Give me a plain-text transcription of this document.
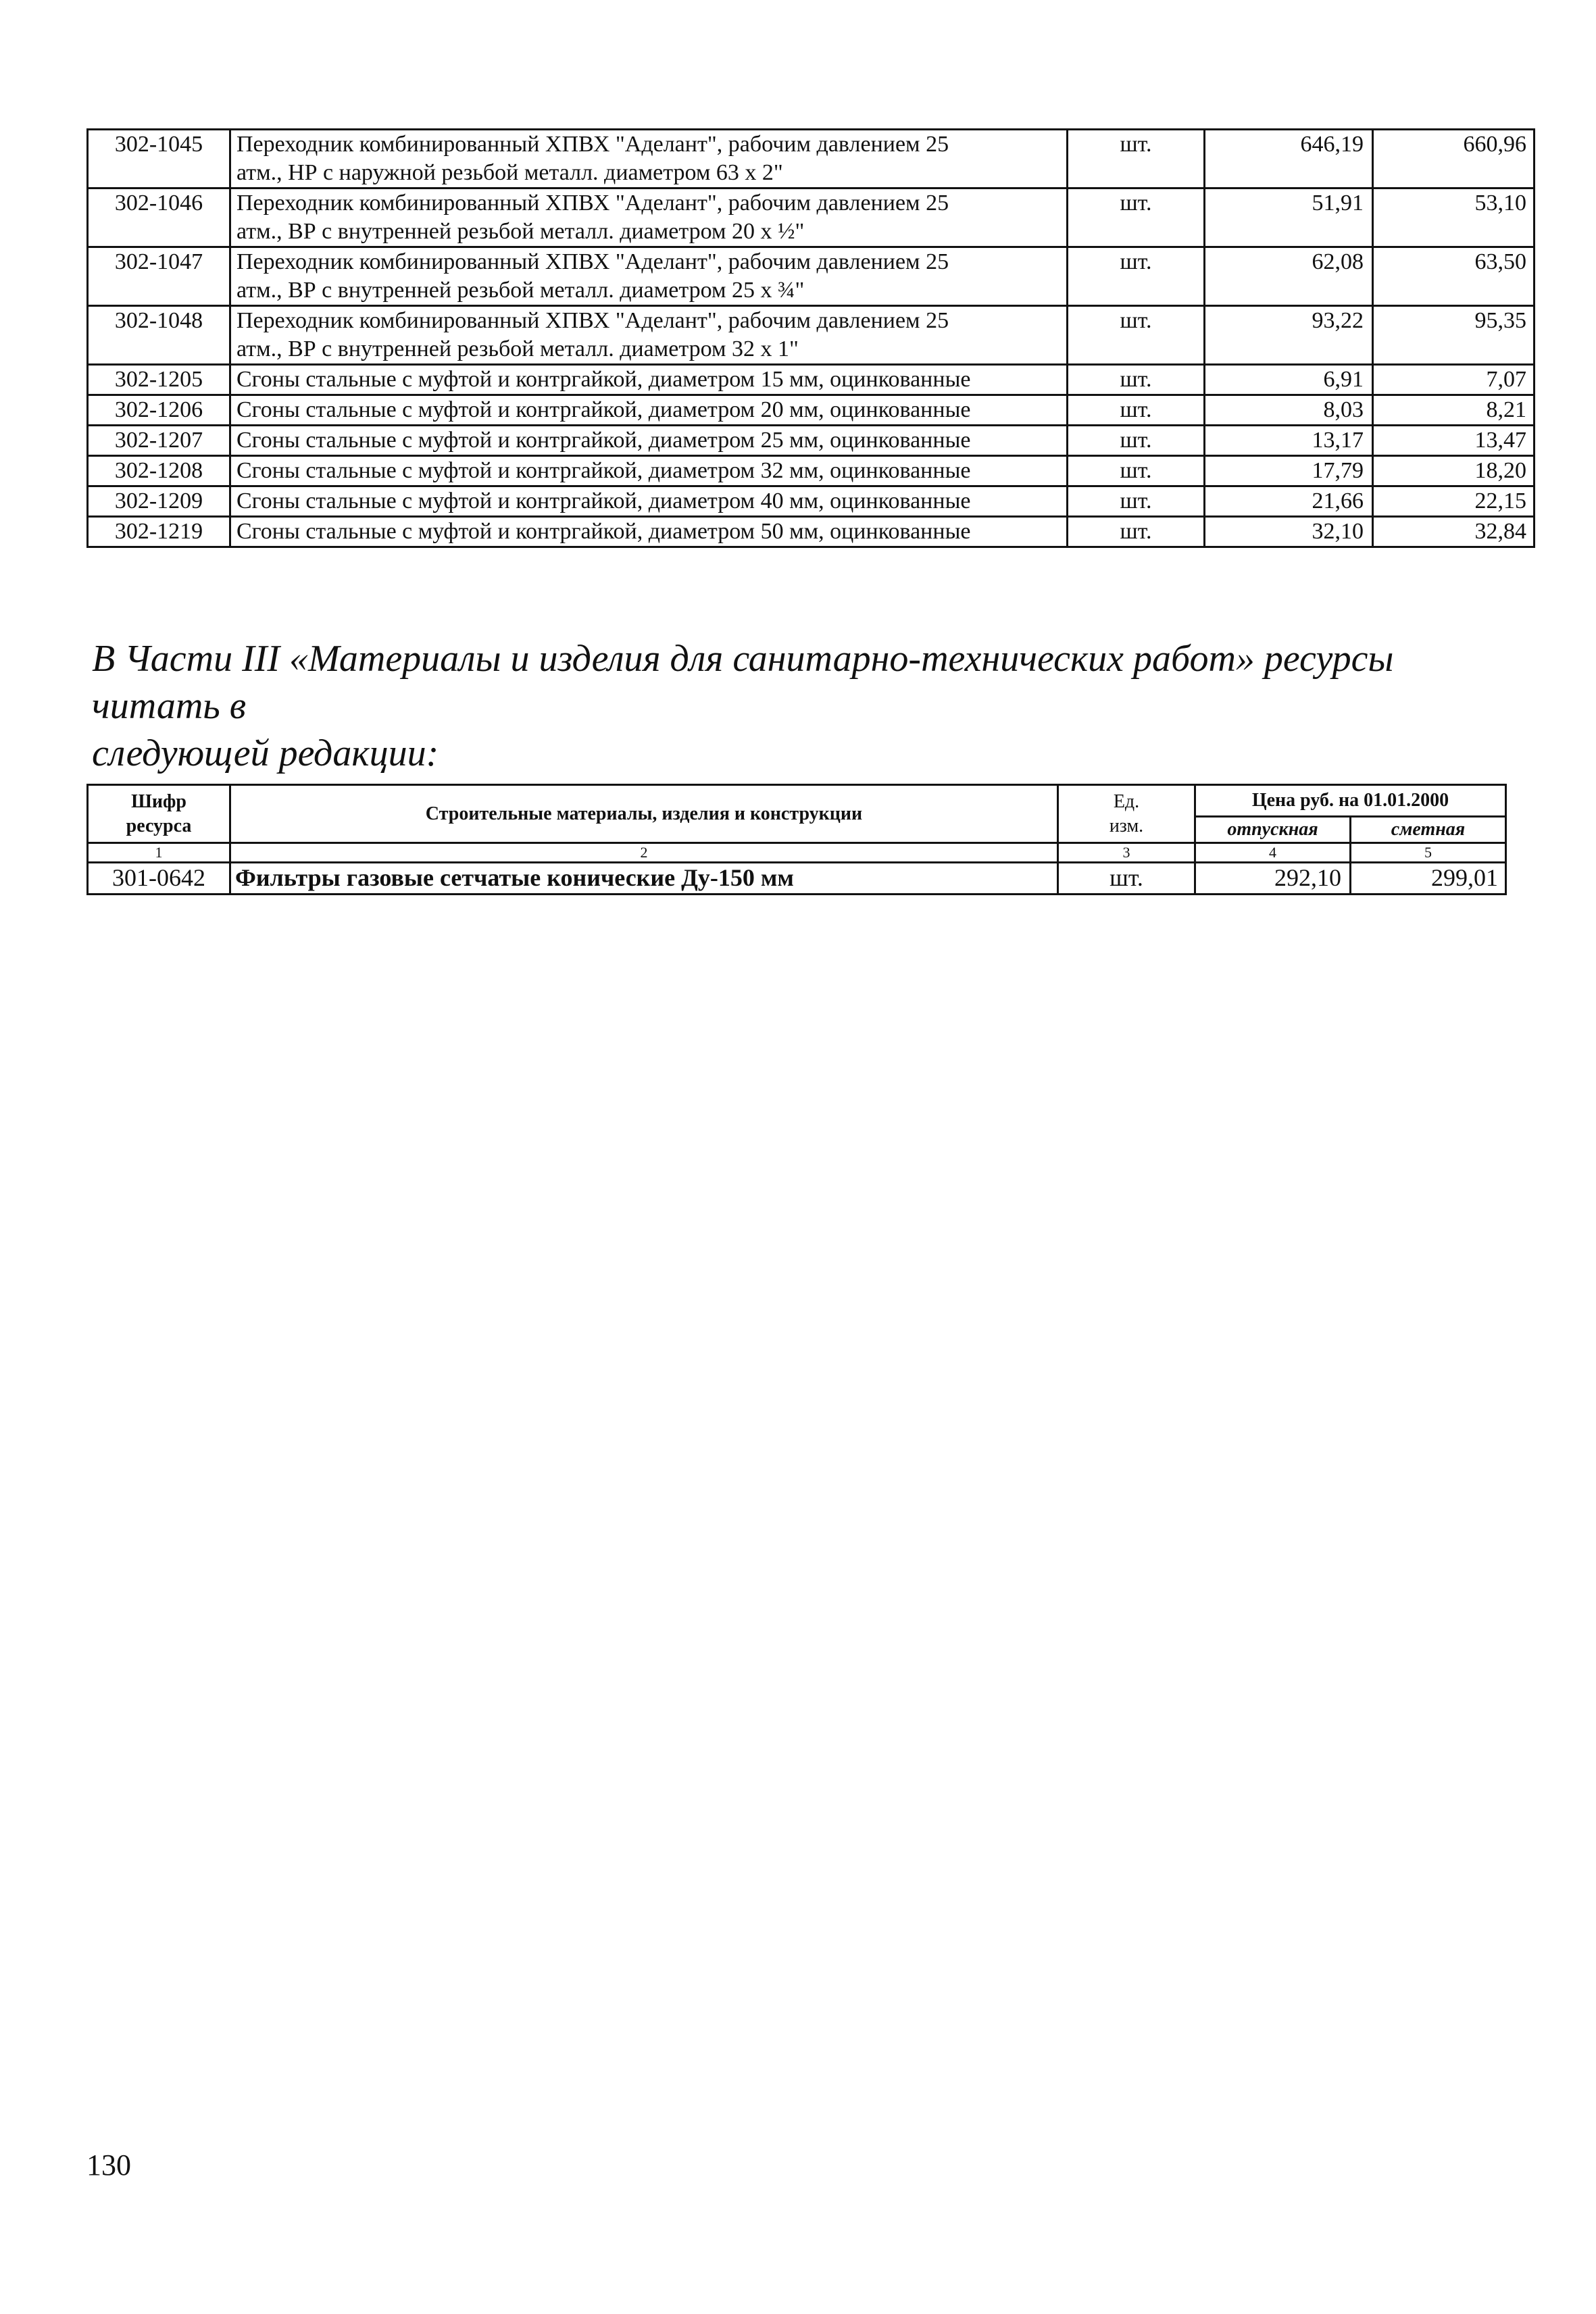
302-1045	Переходник комбинированный ХПВХ "Аделант", рабочим давлением 25
атм., НР с наружной резьбой металл. диаметром 63 x 2"	шт.	646,19	660,96
302-1046	Переходник комбинированный ХПВХ "Аделант", рабочим давлением 25
атм., ВР с внутренней резьбой металл. диаметром 20 x ½"	шт.	51,91	53,10
302-1047	Переходник комбинированный ХПВХ "Аделант", рабочим давлением 25
атм., ВР с внутренней резьбой металл. диаметром 25 x ¾"	шт.	62,08	63,50
302-1048	Переходник комбинированный ХПВХ "Аделант", рабочим давлением 25
атм., ВР с внутренней резьбой металл. диаметром 32 x 1"	шт.	93,22	95,35
302-1205	Сгоны стальные с муфтой и контргайкой, диаметром 15 мм, оцинкованные	шт.	6,91	7,07
302-1206	Сгоны стальные с муфтой и контргайкой, диаметром 20 мм, оцинкованные	шт.	8,03	8,21
302-1207	Сгоны стальные с муфтой и контргайкой, диаметром 25 мм, оцинкованные	шт.	13,17	13,47
302-1208	Сгоны стальные с муфтой и контргайкой, диаметром 32 мм, оцинкованные	шт.	17,79	18,20
302-1209	Сгоны стальные с муфтой и контргайкой, диаметром 40 мм, оцинкованные	шт.	21,66	22,15
302-1219	Сгоны стальные с муфтой и контргайкой, диаметром 50 мм, оцинкованные	шт.	32,10	32,84
В Части III «Материалы и изделия для санитарно-технических работ» ресурсы читать в
следующей редакции:
Шифр
ресурса	Строительные материалы, изделия и конструкции	Ед.
изм.	Цена руб. на 01.01.2000	
			отпускная	сметная
1	2	3	4	5
301-0642	Фильтры газовые сетчатые конические Ду-150 мм	шт.	292,10	299,01
130
